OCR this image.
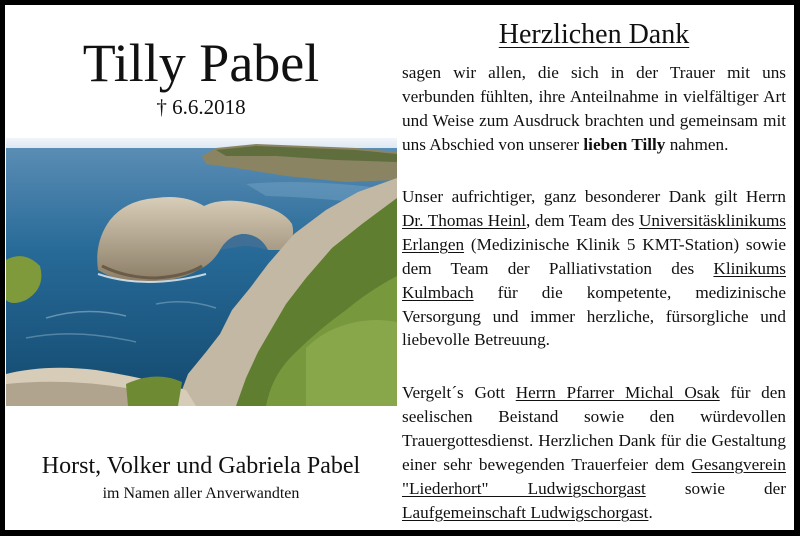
Tilly Pabel
† 6.6.2018
Horst, Volker und Gabriela Pabel
im Namen aller Anverwandten
Herzlichen Dank

sagen wir allen, die sich in der Trauer mit uns verbunden fühlten, ihre Anteilnahme in vielfältiger Art und Weise zum Ausdruck brachten und gemeinsam mit uns Abschied von unserer lieben Tilly nahmen.

Unser aufrichtiger, ganz besonderer Dank gilt Herrn Dr. Thomas Heinl, dem Team des Universitäsklinikums Erlangen (Medizinische Klinik 5 KMT-Station) sowie dem Team der Palliativstation des Klinikums Kulmbach für die kompetente, medizinische Versorgung und immer herzliche, fürsorgliche und liebevolle Betreuung.

Vergelt´s Gott Herrn Pfarrer Michal Osak für den seelischen Beistand sowie den würdevollen Trauergottesdienst. Herzlichen Dank für die Gestaltung einer sehr bewegenden Trauerfeier dem Gesangverein "Liederhort" Ludwigschorgast sowie der Laufgemeinschaft Ludwigschorgast.
